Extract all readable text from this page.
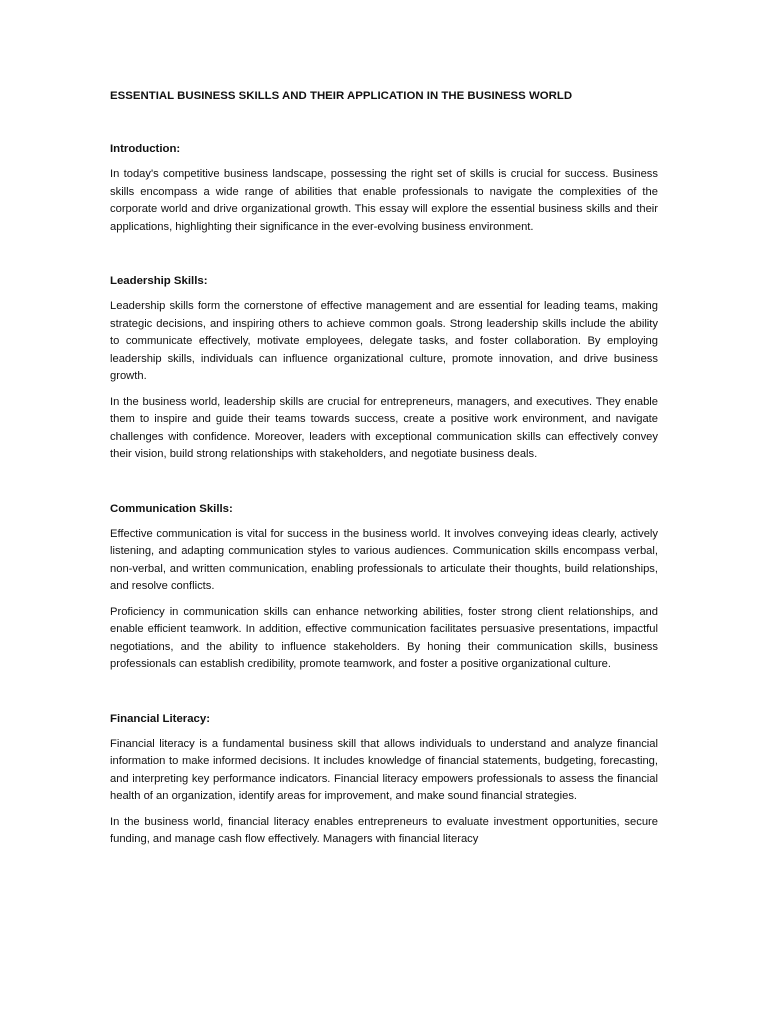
ESSENTIAL BUSINESS SKILLS AND THEIR APPLICATION IN THE BUSINESS WORLD

Introduction:

In today's competitive business landscape, possessing the right set of skills is crucial for success. Business skills encompass a wide range of abilities that enable professionals to navigate the complexities of the corporate world and drive organizational growth. This essay will explore the essential business skills and their applications, highlighting their significance in the ever-evolving business environment.

Leadership Skills:

Leadership skills form the cornerstone of effective management and are essential for leading teams, making strategic decisions, and inspiring others to achieve common goals. Strong leadership skills include the ability to communicate effectively, motivate employees, delegate tasks, and foster collaboration. By employing leadership skills, individuals can influence organizational culture, promote innovation, and drive business growth.

In the business world, leadership skills are crucial for entrepreneurs, managers, and executives. They enable them to inspire and guide their teams towards success, create a positive work environment, and navigate challenges with confidence. Moreover, leaders with exceptional communication skills can effectively convey their vision, build strong relationships with stakeholders, and negotiate business deals.

Communication Skills:

Effective communication is vital for success in the business world. It involves conveying ideas clearly, actively listening, and adapting communication styles to various audiences. Communication skills encompass verbal, non-verbal, and written communication, enabling professionals to articulate their thoughts, build relationships, and resolve conflicts.

Proficiency in communication skills can enhance networking abilities, foster strong client relationships, and enable efficient teamwork. In addition, effective communication facilitates persuasive presentations, impactful negotiations, and the ability to influence stakeholders. By honing their communication skills, business professionals can establish credibility, promote teamwork, and foster a positive organizational culture.

Financial Literacy:

Financial literacy is a fundamental business skill that allows individuals to understand and analyze financial information to make informed decisions. It includes knowledge of financial statements, budgeting, forecasting, and interpreting key performance indicators. Financial literacy empowers professionals to assess the financial health of an organization, identify areas for improvement, and make sound financial strategies.

In the business world, financial literacy enables entrepreneurs to evaluate investment opportunities, secure funding, and manage cash flow effectively. Managers with financial literacy
